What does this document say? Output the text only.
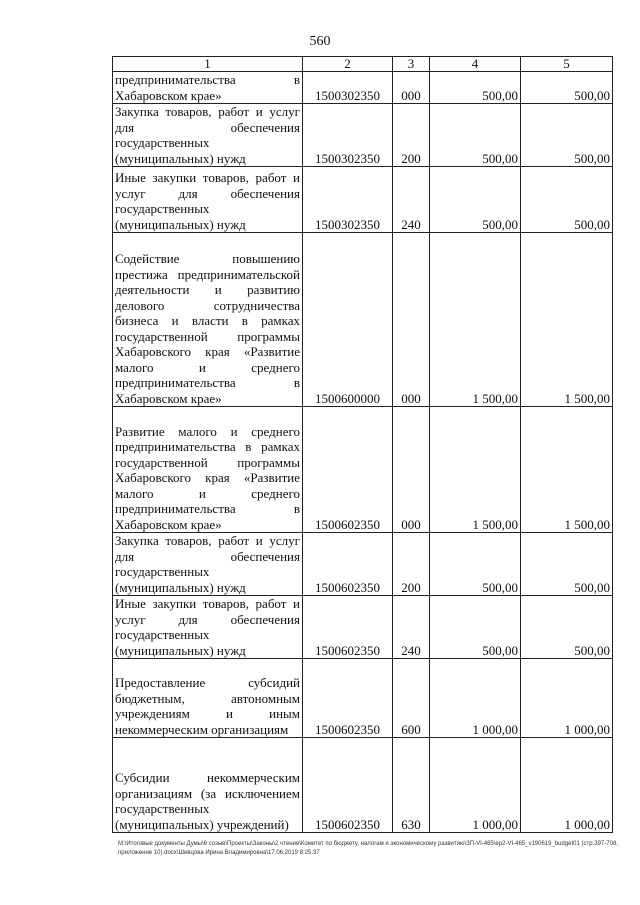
560
1	2	3	4	5
предпринимательства в Хабаровском крае»	1500302350	000	500,00	500,00
Закупка товаров, работ и услуг для обеспечения государственных (муниципальных) нужд	1500302350	200	500,00	500,00
Иные закупки товаров, работ и услуг для обеспечения государственных (муниципальных) нужд	1500302350	240	500,00	500,00
Содействие повышению престижа предпринимательской деятельности и развитию делового сотрудничества бизнеса и власти в рамках государственной программы Хабаровского края «Развитие малого и среднего предпринимательства в Хабаровском крае»	1500600000	000	1 500,00	1 500,00
Развитие малого и среднего предпринимательства в рамках государственной программы Хабаровского края «Развитие малого и среднего предпринимательства в Хабаровском крае»	1500602350	000	1 500,00	1 500,00
Закупка товаров, работ и услуг для обеспечения государственных (муниципальных) нужд	1500602350	200	500,00	500,00
Иные закупки товаров, работ и услуг для обеспечения государственных (муниципальных) нужд	1500602350	240	500,00	500,00
Предоставление субсидий бюджетным, автономным учреждениям и иным некоммерческим организациям	1500602350	600	1 000,00	1 000,00
Субсидии некоммерческим организациям (за исключением государственных (муниципальных) учреждений)	1500602350	630	1 000,00	1 000,00
M:\Итоговые документы Думы\6 созыв\Проекты\Законы\2 чтение\Комитет по бюджету, налогам и экономическому развитию\ЗП-VI-465\ер2-VI-465_v190619_budget01 (стр.397-708, приложение 10).docx\Шевцова Ирина Владимировна\17.06.2019 8:25:37
